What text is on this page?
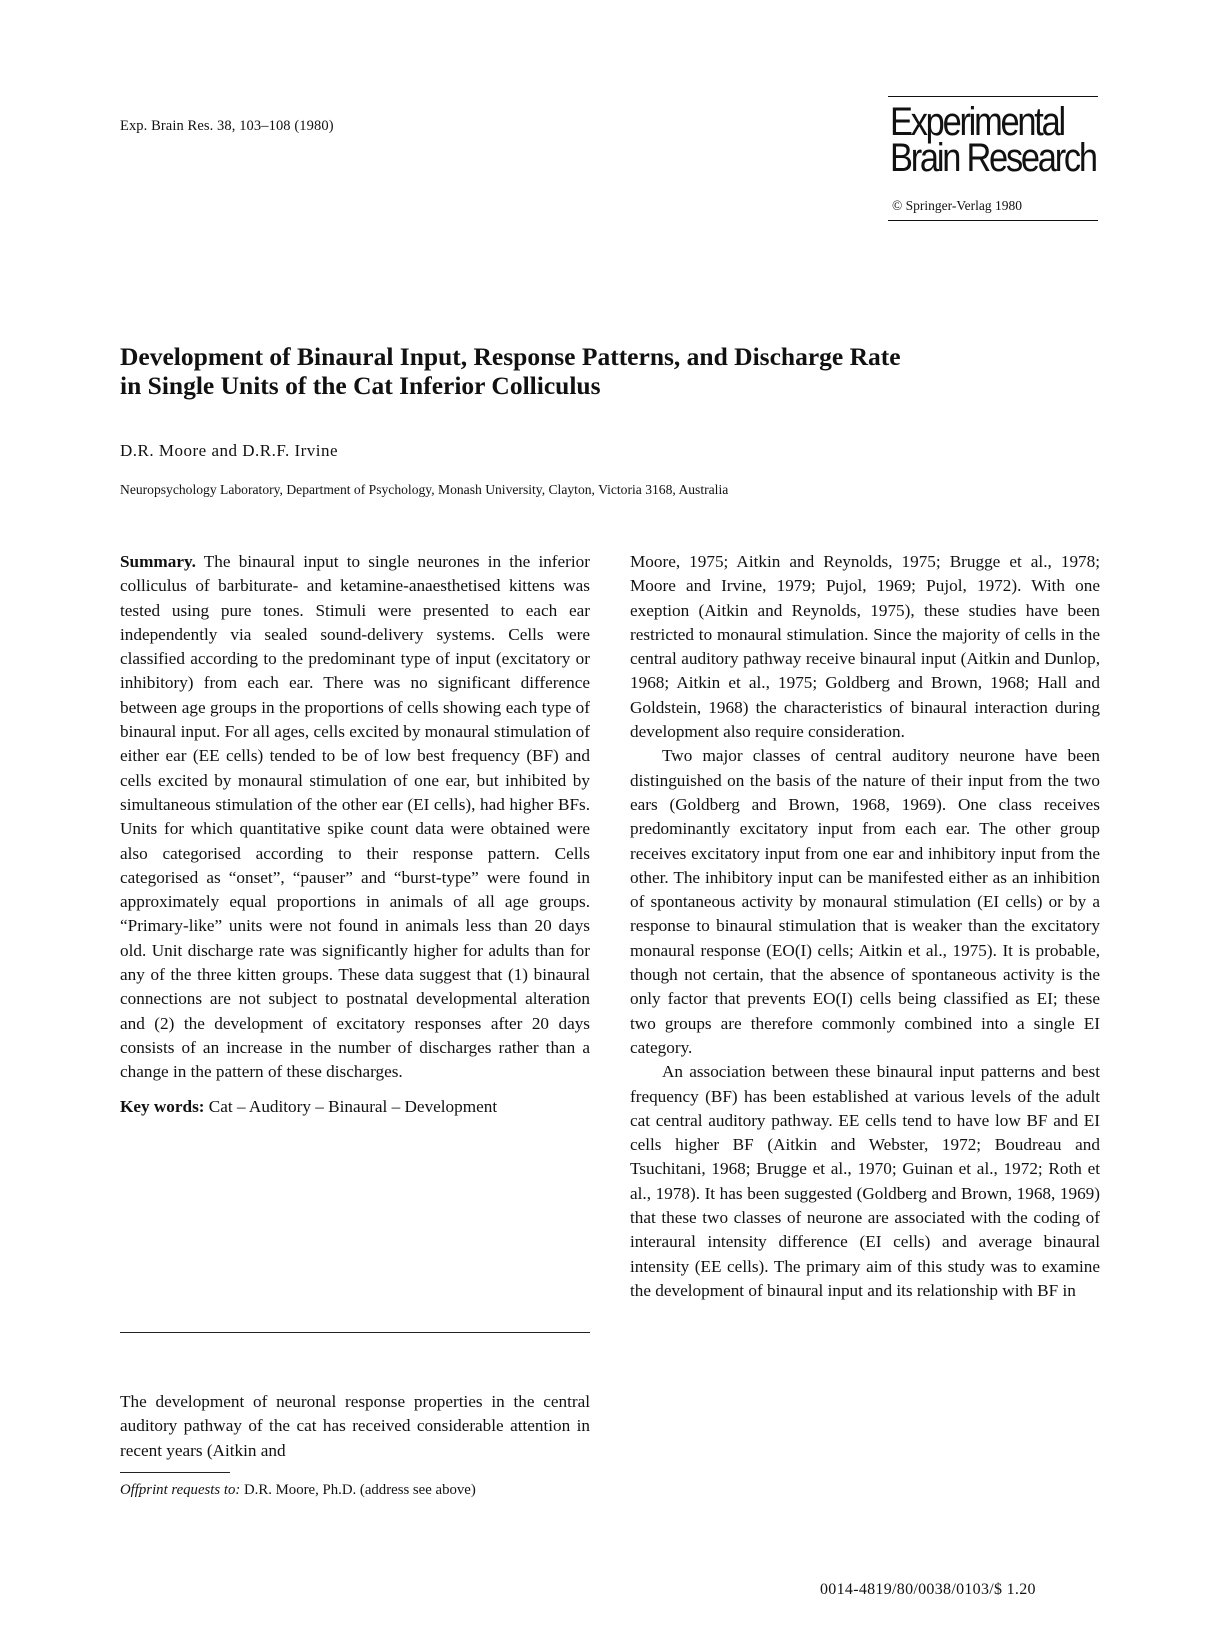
Exp. Brain Res. 38, 103–108 (1980)	Experimental
Brain Research
© Springer-Verlag 1980
Development of Binaural Input, Response Patterns, and Discharge Rate
in Single Units of the Cat Inferior Colliculus
D.R. Moore and D.R.F. Irvine
Neuropsychology Laboratory, Department of Psychology, Monash University, Clayton, Victoria 3168, Australia

Summary. The binaural input to single neurones in the inferior colliculus of barbiturate- and ketamine-anaesthetised kittens was tested using pure tones. Stimuli were presented to each ear independently via sealed sound-delivery systems. Cells were classified according to the predominant type of input (excitatory or inhibitory) from each ear. There was no significant difference between age groups in the proportions of cells showing each type of binaural input. For all ages, cells excited by monaural stimulation of either ear (EE cells) tended to be of low best frequency (BF) and cells excited by monaural stimulation of one ear, but inhibited by simultaneous stimulation of the other ear (EI cells), had higher BFs. Units for which quantitative spike count data were obtained were also categorised according to their response pattern. Cells categorised as “onset”, “pauser” and “burst-type” were found in approximately equal proportions in animals of all age groups. “Primary-like” units were not found in animals less than 20 days old. Unit discharge rate was significantly higher for adults than for any of the three kitten groups. These data suggest that (1) binaural connections are not subject to postnatal developmental alteration and (2) the development of excitatory responses after 20 days consists of an increase in the number of discharges rather than a change in the pattern of these discharges.

Key words: Cat – Auditory – Binaural – Development

The development of neuronal response properties in the central auditory pathway of the cat has received considerable attention in recent years (Aitkin and

Offprint requests to: D.R. Moore, Ph.D. (address see above)

Moore, 1975; Aitkin and Reynolds, 1975; Brugge et al., 1978; Moore and Irvine, 1979; Pujol, 1969; Pujol, 1972). With one exeption (Aitkin and Reynolds, 1975), these studies have been restricted to monaural stimulation. Since the majority of cells in the central auditory pathway receive binaural input (Aitkin and Dunlop, 1968; Aitkin et al., 1975; Goldberg and Brown, 1968; Hall and Goldstein, 1968) the characteristics of binaural interaction during development also require consideration.

Two major classes of central auditory neurone have been distinguished on the basis of the nature of their input from the two ears (Goldberg and Brown, 1968, 1969). One class receives predominantly excitatory input from each ear. The other group receives excitatory input from one ear and inhibitory input from the other. The inhibitory input can be manifested either as an inhibition of spontaneous activity by monaural stimulation (EI cells) or by a response to binaural stimulation that is weaker than the excitatory monaural response (EO(I) cells; Aitkin et al., 1975). It is probable, though not certain, that the absence of spontaneous activity is the only factor that prevents EO(I) cells being classified as EI; these two groups are therefore commonly combined into a single EI category.

An association between these binaural input patterns and best frequency (BF) has been established at various levels of the adult cat central auditory pathway. EE cells tend to have low BF and EI cells higher BF (Aitkin and Webster, 1972; Boudreau and Tsuchitani, 1968; Brugge et al., 1970; Guinan et al., 1972; Roth et al., 1978). It has been suggested (Goldberg and Brown, 1968, 1969) that these two classes of neurone are associated with the coding of interaural intensity difference (EI cells) and average binaural intensity (EE cells). The primary aim of this study was to examine the development of binaural input and its relationship with BF in

0014-4819/80/0038/0103/$ 1.20
